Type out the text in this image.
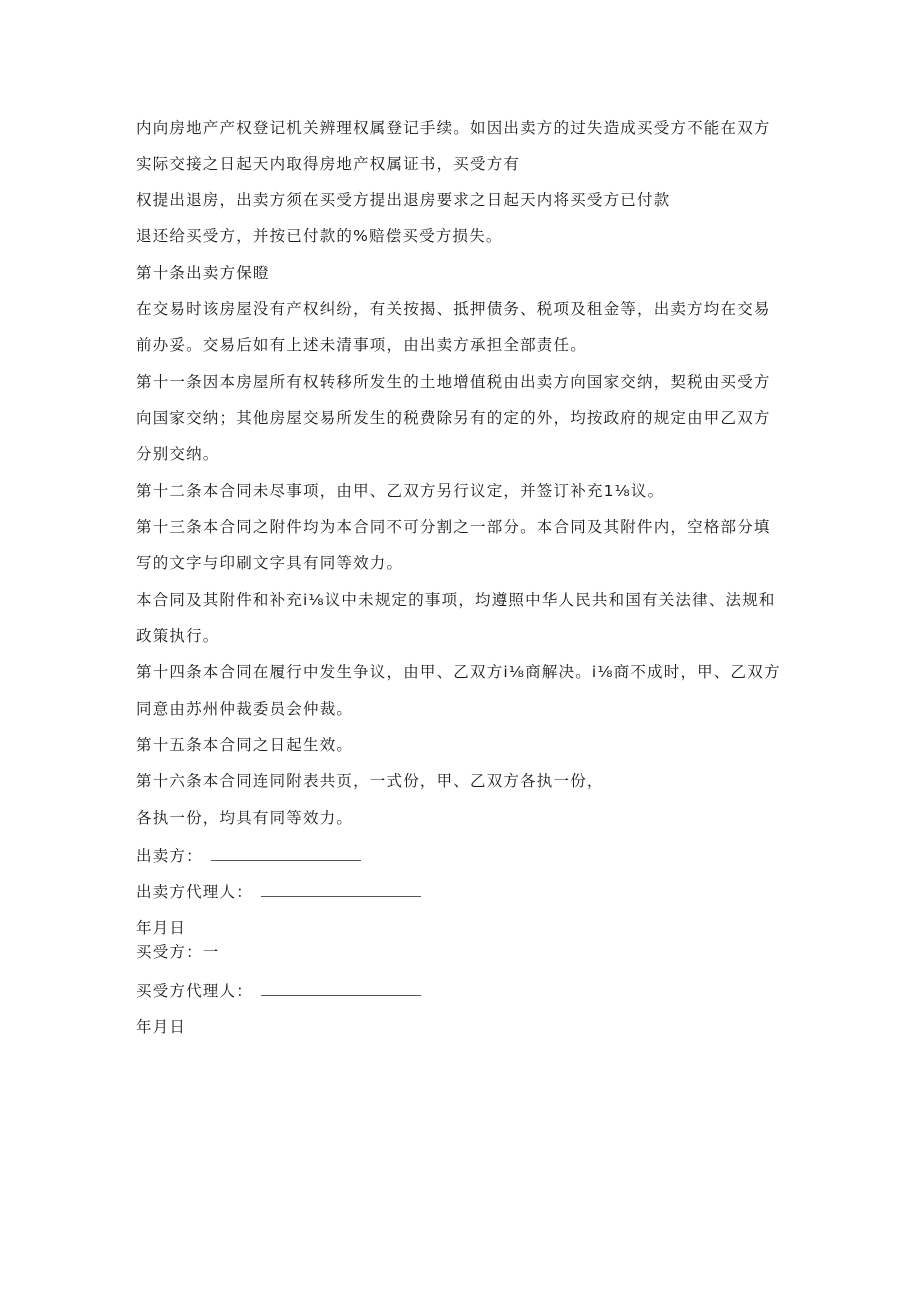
内向房地产产权登记机关辨理权属登记手续。如因出卖方的过失造成买受方不能在双方
实际交接之日起天内取得房地产权属证书，买受方有
权提出退房，出卖方须在买受方提出退房要求之日起天内将买受方已付款
退还给买受方，并按已付款的%赔偿买受方损失。
第十条出卖方保瞪
在交易时该房屋没有产权纠纷，有关按揭、抵押债务、税项及租金等，出卖方均在交易
前办妥。交易后如有上述未清事项，由出卖方承担全部责任。
第十一条因本房屋所有权转移所发生的土地增值税由出卖方向国家交纳，契税由买受方
向国家交纳；其他房屋交易所发生的税费除另有的定的外，均按政府的规定由甲乙双方
分别交纳。
第十二条本合同未尽事项，由甲、乙双方另行议定，并签订补充1⅛议。
第十三条本合同之附件均为本合同不可分割之一部分。本合同及其附件内，空格部分填
写的文字与印刷文字具有同等效力。
本合同及其附件和补充i⅛议中未规定的事项，均遵照中华人民共和国有关法律、法规和
政策执行。
第十四条本合同在履行中发生争议，由甲、乙双方i⅛商解决。i⅛商不成时，甲、乙双方
同意由苏州仲裁委员会仲裁。
第十五条本合同之日起生效。
第十六条本合同连同附表共页，一式份，甲、乙双方各执一份，
各执一份，均具有同等效力。
出卖方：
出卖方代理人：
年月日
买受方：一
买受方代理人：
年月日
